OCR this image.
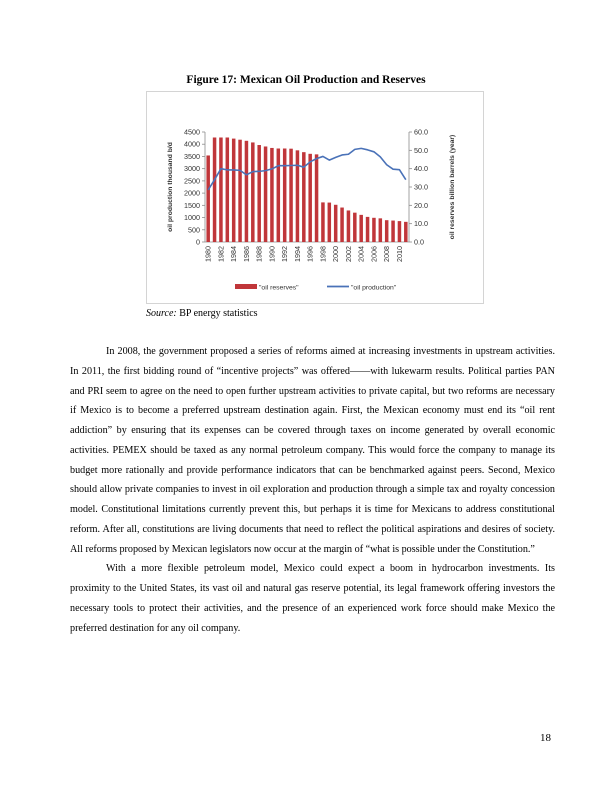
Figure 17: Mexican Oil Production and Reserves
0
500
1000
1500
2000
2500
3000
3500
4000
4500
0.0
10.0
20.0
30.0
40.0
50.0
60.0
oil production thousand b/d	oil reserves billion barrels (year)
1980 1982 1984 1986 1988 1990 1992 1994 1996 1998 2000 2002 2004 2006 2008 2010
"oil reserves"	"oil production"
Source: BP energy statistics

In 2008, the government proposed a series of reforms aimed at increasing investments in upstream activities. In 2011, the first bidding round of “incentive projects” was offered——with lukewarm results. Political parties PAN and PRI seem to agree on the need to open further upstream activities to private capital, but two reforms are necessary if Mexico is to become a preferred upstream destination again. First, the Mexican economy must end its “oil rent addiction” by ensuring that its expenses can be covered through taxes on income generated by overall economic activities. PEMEX should be taxed as any normal petroleum company. This would force the company to manage its budget more rationally and provide performance indicators that can be benchmarked against peers. Second, Mexico should allow private companies to invest in oil exploration and production through a simple tax and royalty concession model. Constitutional limitations currently prevent this, but perhaps it is time for Mexicans to address constitutional reform. After all, constitutions are living documents that need to reflect the political aspirations and desires of society. All reforms proposed by Mexican legislators now occur at the margin of “what is possible under the Constitution.”

With a more flexible petroleum model, Mexico could expect a boom in hydrocarbon investments. Its proximity to the United States, its vast oil and natural gas reserve potential, its legal framework offering investors the necessary tools to protect their activities, and the presence of an experienced work force should make Mexico the preferred destination for any oil company.

18
